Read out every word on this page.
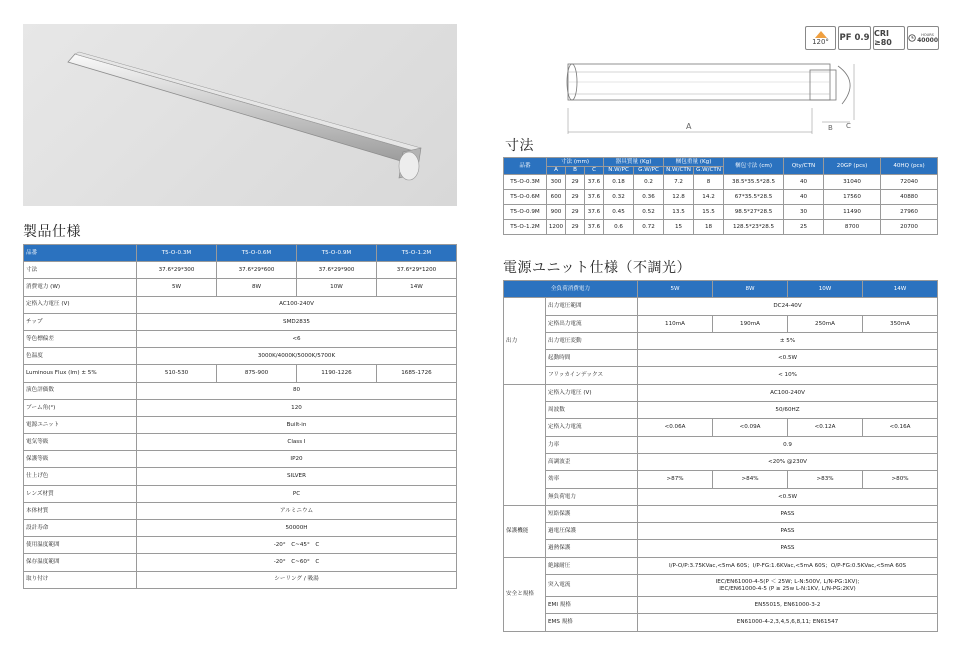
120° PF 0.9 CRI ≥80
HOURS
40000
A	B C
製品仕様
寸法
電源ユニット仕様（不調光）
品番	T5-O-0.3M	T5-O-0.6M	T5-O-0.9M	T5-O-1.2M
寸法	37.6*29*300	37.6*29*600	37.6*29*900	37.6*29*1200
消費電力 (W)	5W	8W	10W	14W
定格入力電圧 (V)	AC100-240V			
チップ	SMD2835			
等色標偏差	<6			
色温度	3000K/4000K/5000K/5700K			
Luminous Flux (lm) ± 5%	510-530	875-900	1190-1226	1685-1726
演色評価数	80			
ブーム角(°)	120			
電源ユニット	Built-in			
電気等級	Class I			
保護等級	IP20			
仕上げ色	SILVER			
レンズ材質	PC			
本体材質	アルミニウム			
設計寿命	50000H			
使用温度範囲	-20°　C~45°　C			
保存温度範囲	-20°　C~60°　C			
取り付け	シーリング / 吸湯			
品番	寸法 (mm)			器具質量 (Kg)		梱包重量 (Kg)		梱包寸法 (cm)	Qty/CTN	20GP (pcs)	40HQ (pcs)
	A	B	C	N.W/PC	G.W/PC	N.W/CTN	G.W/CTN				
T5-O-0.3M	300	29	37.6	0.18	0.2	7.2	8	38.5*35.5*28.5	40	31040	72040
T5-O-0.6M	600	29	37.6	0.32	0.36	12.8	14.2	67*35.5*28.5	40	17560	40880
T5-O-0.9M	900	29	37.6	0.45	0.52	13.5	15.5	98.5*27*28.5	30	11490	27960
T5-O-1.2M	1200	29	37.6	0.6	0.72	15	18	128.5*23*28.5	25	8700	20700
全負荷消費電力		5W	8W	10W	14W
出力	出力電圧範囲	DC24-40V			
	定格出力電流	110mA	190mA	250mA	350mA
	出力電圧変動	± 5%			
	起動時間	<0.5W			
	フリッカインデックス	< 10%			
	定格入力電圧 (V)	AC100-240V			
	周波数	50/60HZ			
	定格入力電流	<0.06A	<0.09A	<0.12A	<0.16A
	力率	0.9			
	高調波歪	<20% @230V			
	効率	>87%	>84%	>83%	>80%
	無負荷電力	<0.5W			
保護機能	短絡保護	PASS			
	過電圧保護	PASS			
	過熱保護	PASS			
安全と規格	絶縁耐圧	I/P-O/P:3.75KVac,<5mA 60S；I/P-FG:1.6KVac,<5mA 60S；O/P-FG:0.5KVac,<5mA 60S			
	突入電流	IEC/EN61000-4-5(P ＜ 25W; L-N:500V, L/N-PG:1KV);
IEC/EN61000-4-5 (P ≥ 25w L-N:1KV, L/N-PG:2KV)			

	EMI 規格	EN55015, EN61000-3-2			
	EMS 規格	EN61000-4-2,3,4,5,6,8,11; EN61547			
